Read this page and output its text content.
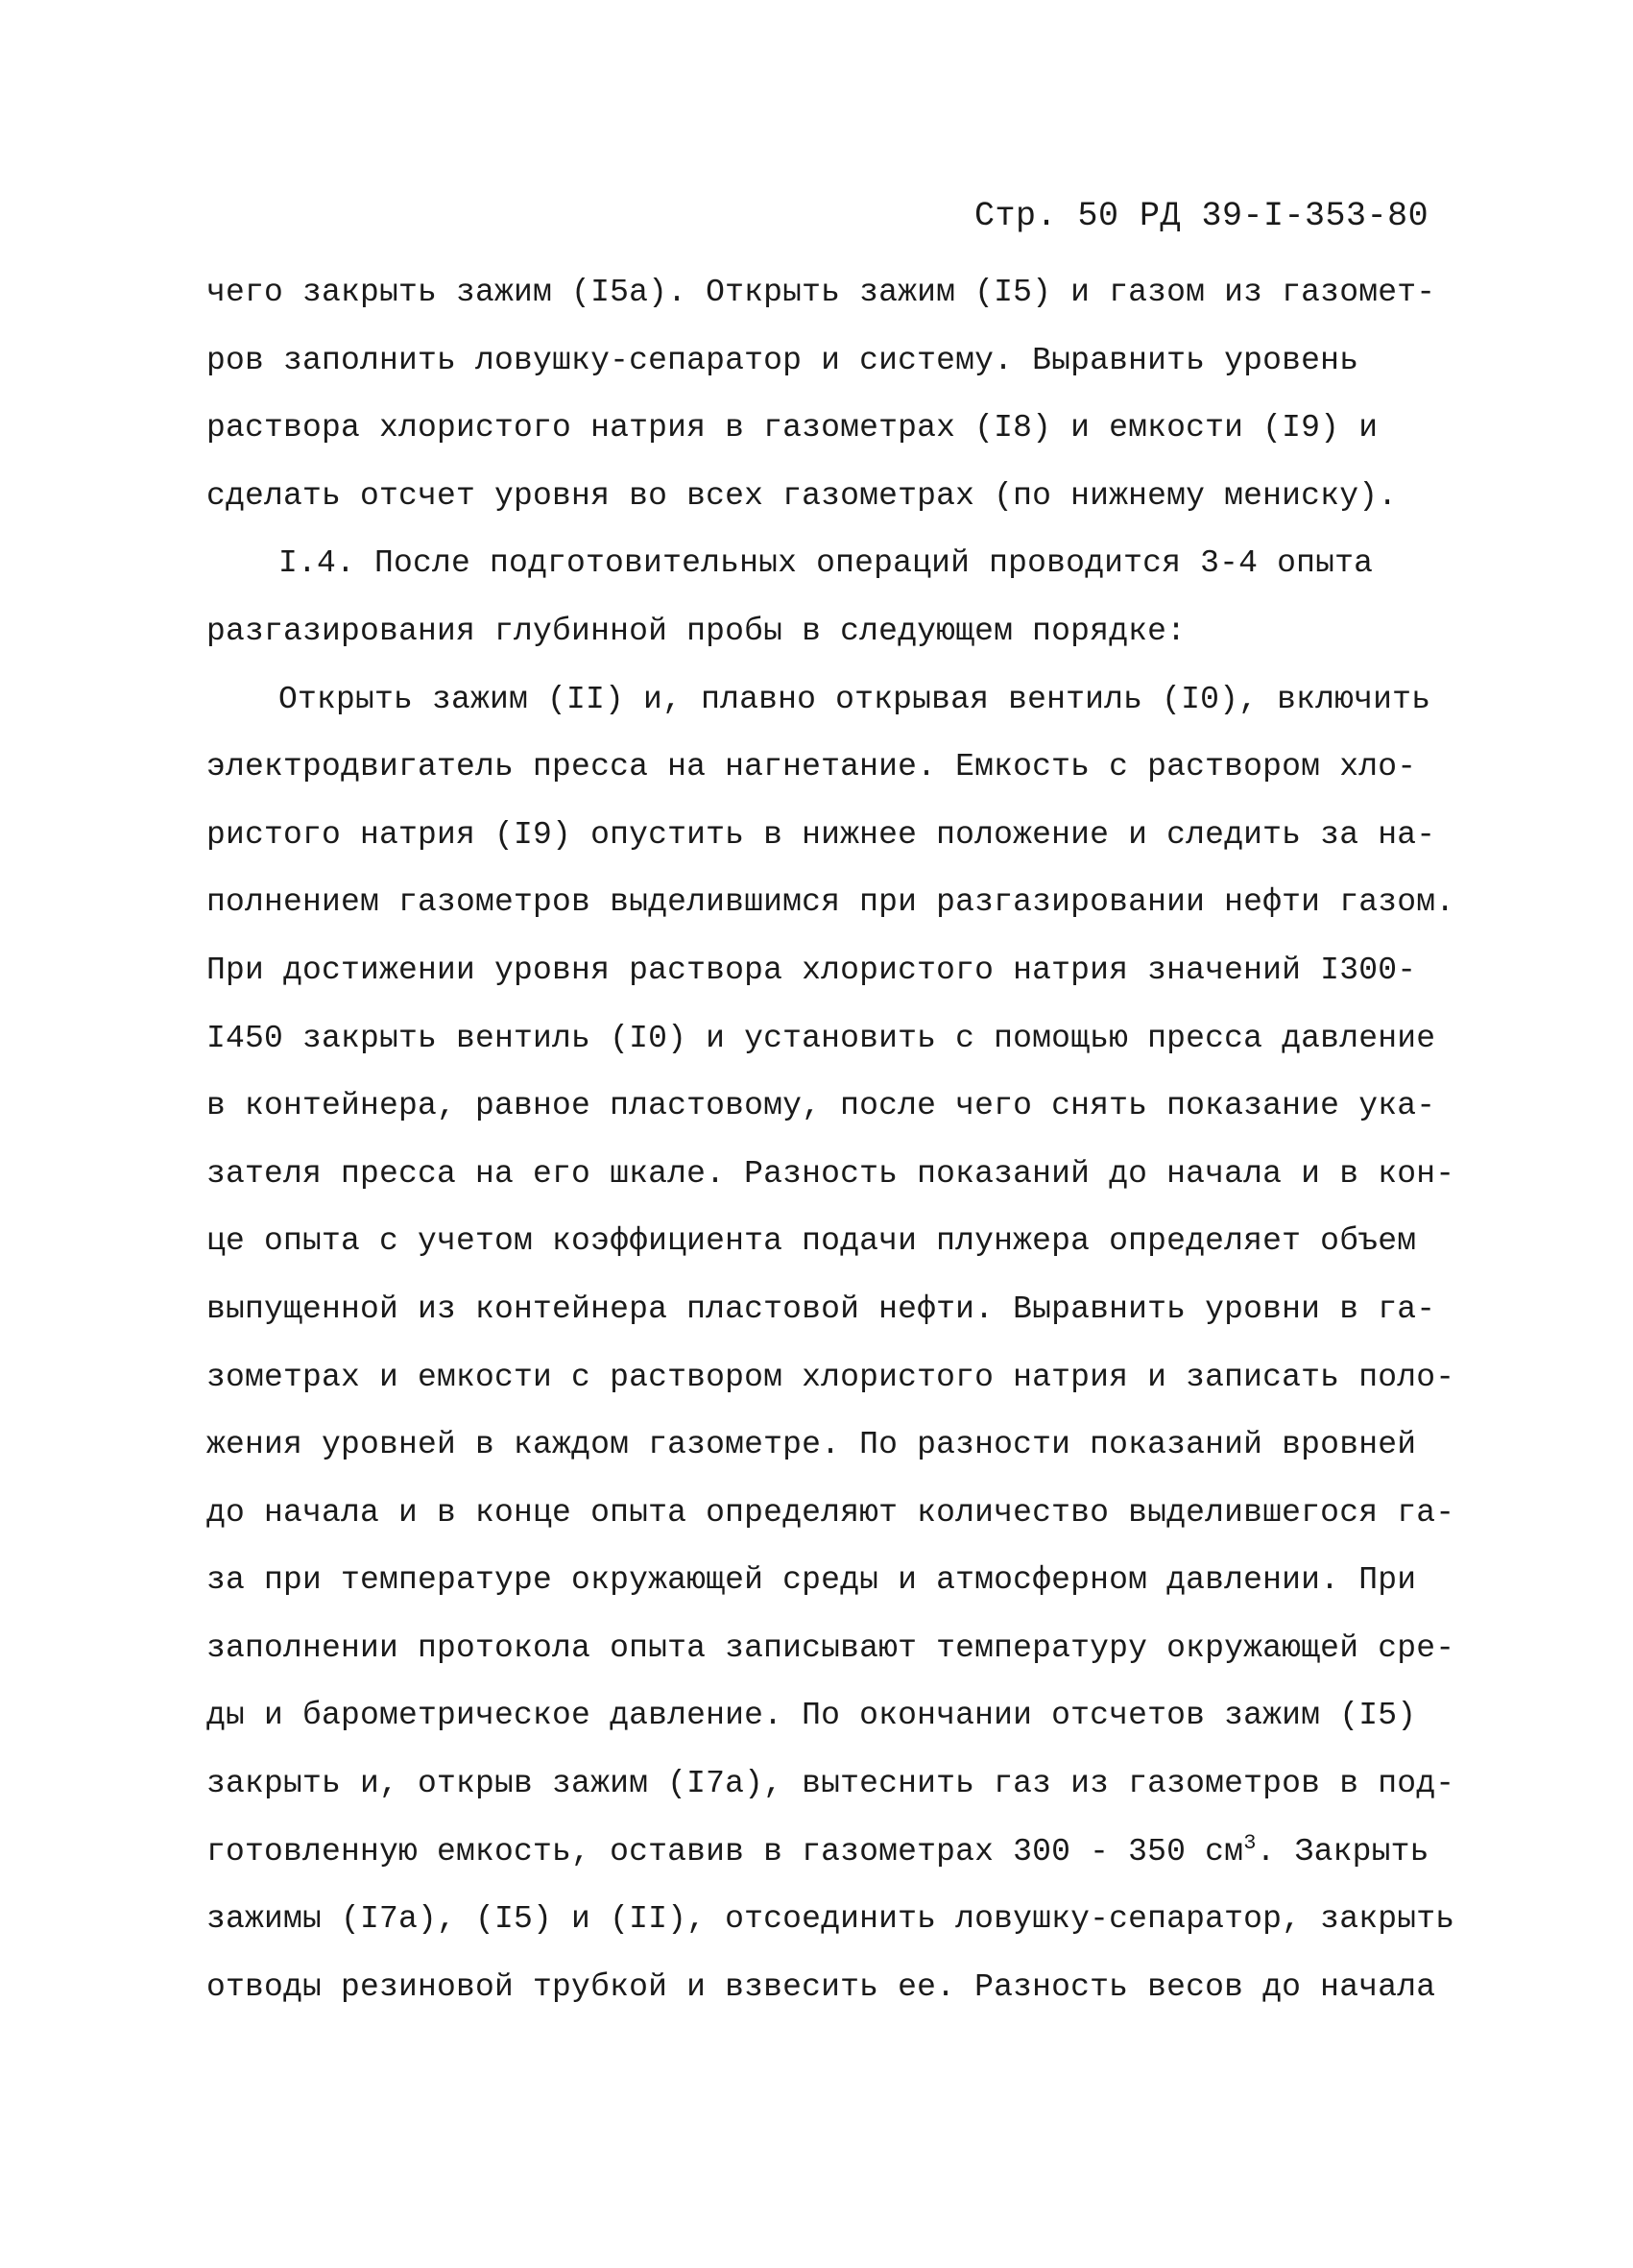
Стр. 50 РД 39-I-353-80
чего закрыть зажим (I5a). Открыть зажим (I5) и газом из газомет-
ров заполнить ловушку-сепаратор и систему. Выравнить уровень
раствора хлористого натрия в газометрах (I8) и емкости (I9) и
сделать отсчет уровня во всех газометрах (по нижнему мениску).
I.4. После подготовительных операций проводится 3-4 опыта
разгазирования глубинной пробы в следующем порядке:
Открыть зажим (II) и, плавно открывая вентиль (I0), включить
электродвигатель пресса на нагнетание. Емкость с раствором хло-
ристого натрия (I9) опустить в нижнее положение и следить за на-
полнением газометров выделившимся при разгазировании нефти газом.
При достижении уровня раствора хлористого натрия значений I300-
I450 закрыть вентиль (I0) и установить с помощью пресса давление
в контейнера, равное пластовому, после чего снять показание ука-
зателя пресса на его шкале. Разность показаний до начала и в кон-
це опыта с учетом коэффициента подачи плунжера определяет объем
выпущенной из контейнера пластовой нефти. Выравнить уровни в га-
зометрах и емкости с раствором хлористого натрия и записать поло-
жения уровней в каждом газометре. По разности показаний вровней
до начала и в конце опыта определяют количество выделившегося га-
за при температуре окружающей среды и атмосферном давлении. При
заполнении протокола опыта записывают температуру окружающей сре-
ды и барометрическое давление. По окончании отсчетов зажим (I5)
закрыть и, открыв зажим (I7a), вытеснить газ из газометров в под-
готовленную емкость, оставив в газометрах 300 - 350 $см^3$. Закрыть
зажимы (I7a), (I5) и (II), отсоединить ловушку-сепаратор, закрыть
отводы резиновой трубкой и взвесить ее. Разность весов до начала
